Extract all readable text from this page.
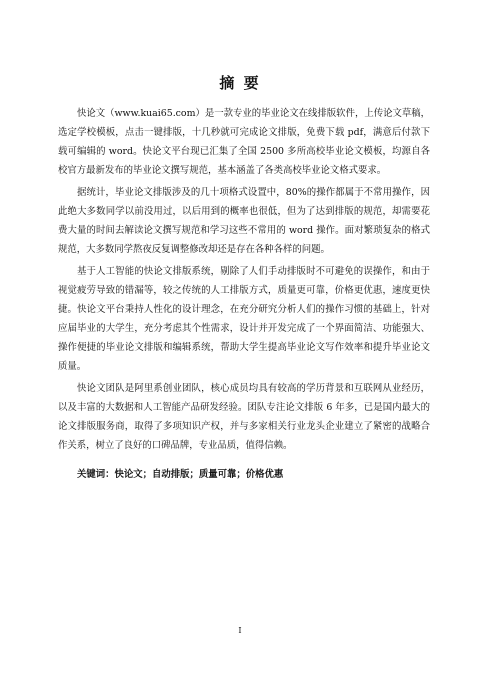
摘 要

快论文（www.kuai65.com）是一款专业的毕业论文在线排版软件，上传论文草稿，选定学校模板，点击一键排版，十几秒就可完成论文排版，免费下载 pdf，满意后付款下载可编辑的 word。快论文平台现已汇集了全国 2500 多所高校毕业论文模板，均源自各校官方最新发布的毕业论文撰写规范，基本涵盖了各类高校毕业论文格式要求。

据统计，毕业论文排版涉及的几十项格式设置中，80%的操作都属于不常用操作，因此绝大多数同学以前没用过，以后用到的概率也很低，但为了达到排版的规范，却需要花费大量的时间去解读论文撰写规范和学习这些不常用的 word 操作。面对繁琐复杂的格式规范，大多数同学熬夜反复调整修改却还是存在各种各样的问题。

基于人工智能的快论文排版系统，剔除了人们手动排版时不可避免的误操作，和由于视觉疲劳导致的错漏等，较之传统的人工排版方式，质量更可靠，价格更优惠，速度更快捷。快论文平台秉持人性化的设计理念，在充分研究分析人们的操作习惯的基础上，针对应届毕业的大学生，充分考虑其个性需求，设计并开发完成了一个界面简洁、功能强大、操作便捷的毕业论文排版和编辑系统，帮助大学生提高毕业论文写作效率和提升毕业论文质量。

快论文团队是阿里系创业团队，核心成员均具有较高的学历背景和互联网从业经历，以及丰富的大数据和人工智能产品研发经验。团队专注论文排版 6 年多，已是国内最大的论文排版服务商，取得了多项知识产权，并与多家相关行业龙头企业建立了紧密的战略合作关系，树立了良好的口碑品牌，专业品质，值得信赖。

关键词：快论文；自动排版；质量可靠；价格优惠

I
